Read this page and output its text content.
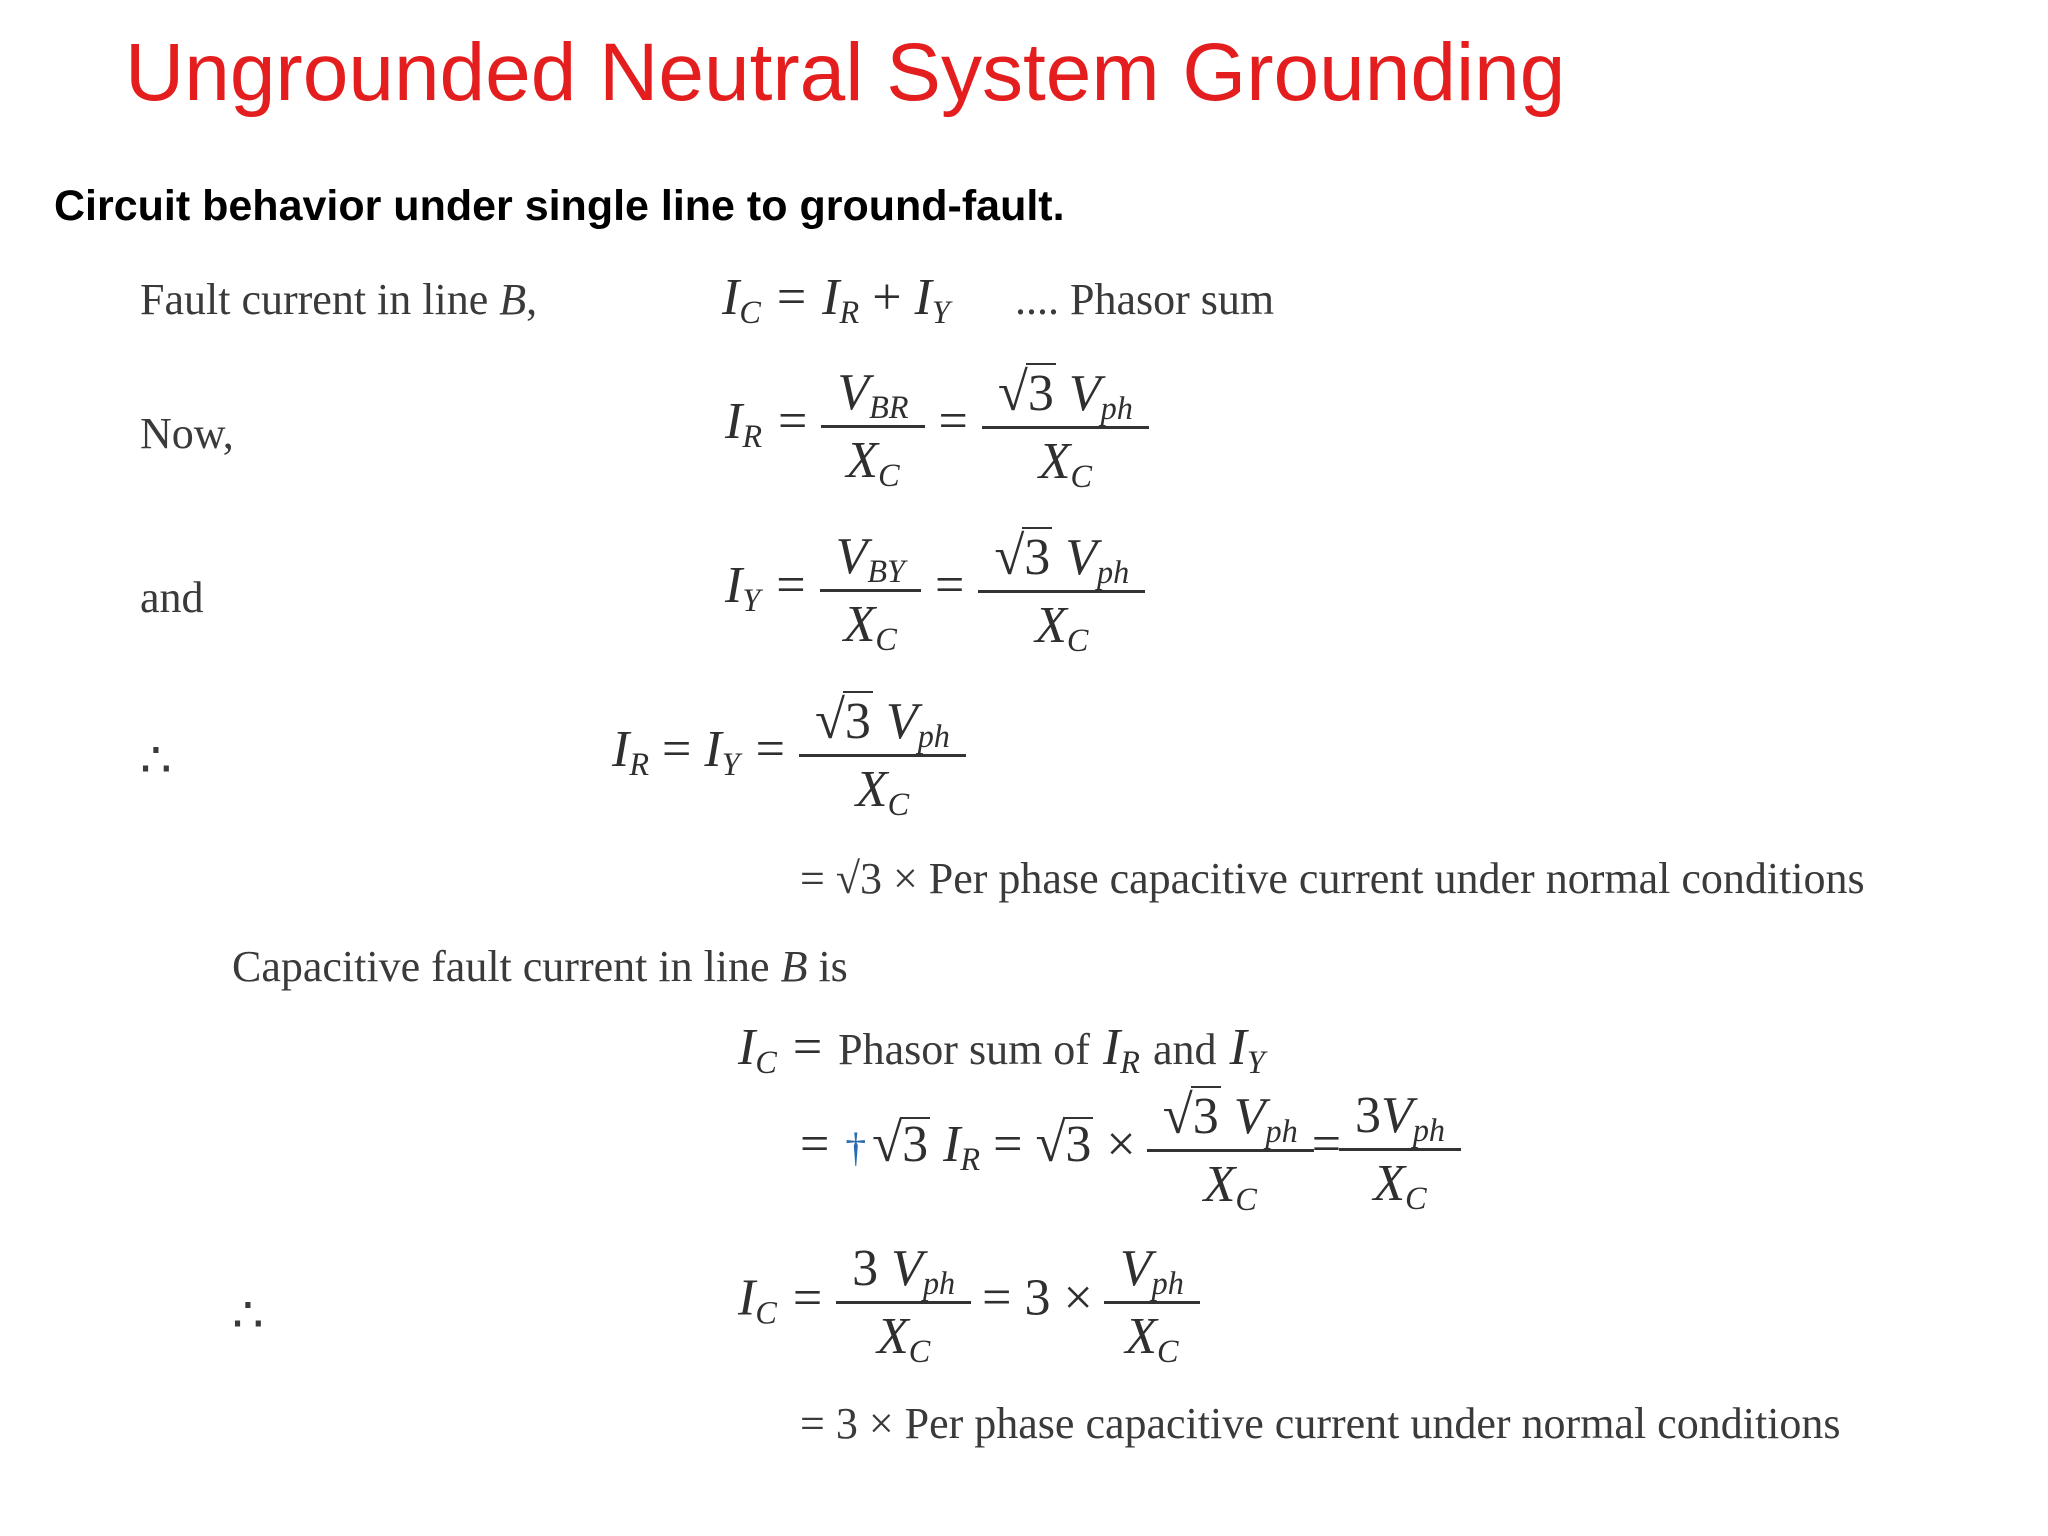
Ungrounded Neutral System Grounding
Circuit behavior under single line to ground-fault.
Fault current in line B,	$I_C = I_R + I_Y$ .... Phasor sum
Now,	$I_R = \frac{V_{BR}}{X_C} = \frac{√ 3 V_{ph}}{X_C}$
and	$I_Y = \frac{V_{BY}}{X_C} = \frac{√ 3 V_{ph}}{X_C}$
∴	$I_R = I_Y = \frac{√ 3 V_{ph}}{X_C}$
= √3 × Per phase capacitive current under normal conditions
Capacitive fault current in line B is
$I_C$ = Phasor sum of $I_R$ and $I_Y$
= † √ 3 $I_R$ = √ $3 \times \frac{√ 3 V_{ph}}{X_C} = \frac{3V_{ph}}{X_C}$
∴	$I_C = \frac{3 V_{ph}}{X_C} = 3 \times \frac{V_{ph}}{X_C}$
= 3 × Per phase capacitive current under normal conditions
